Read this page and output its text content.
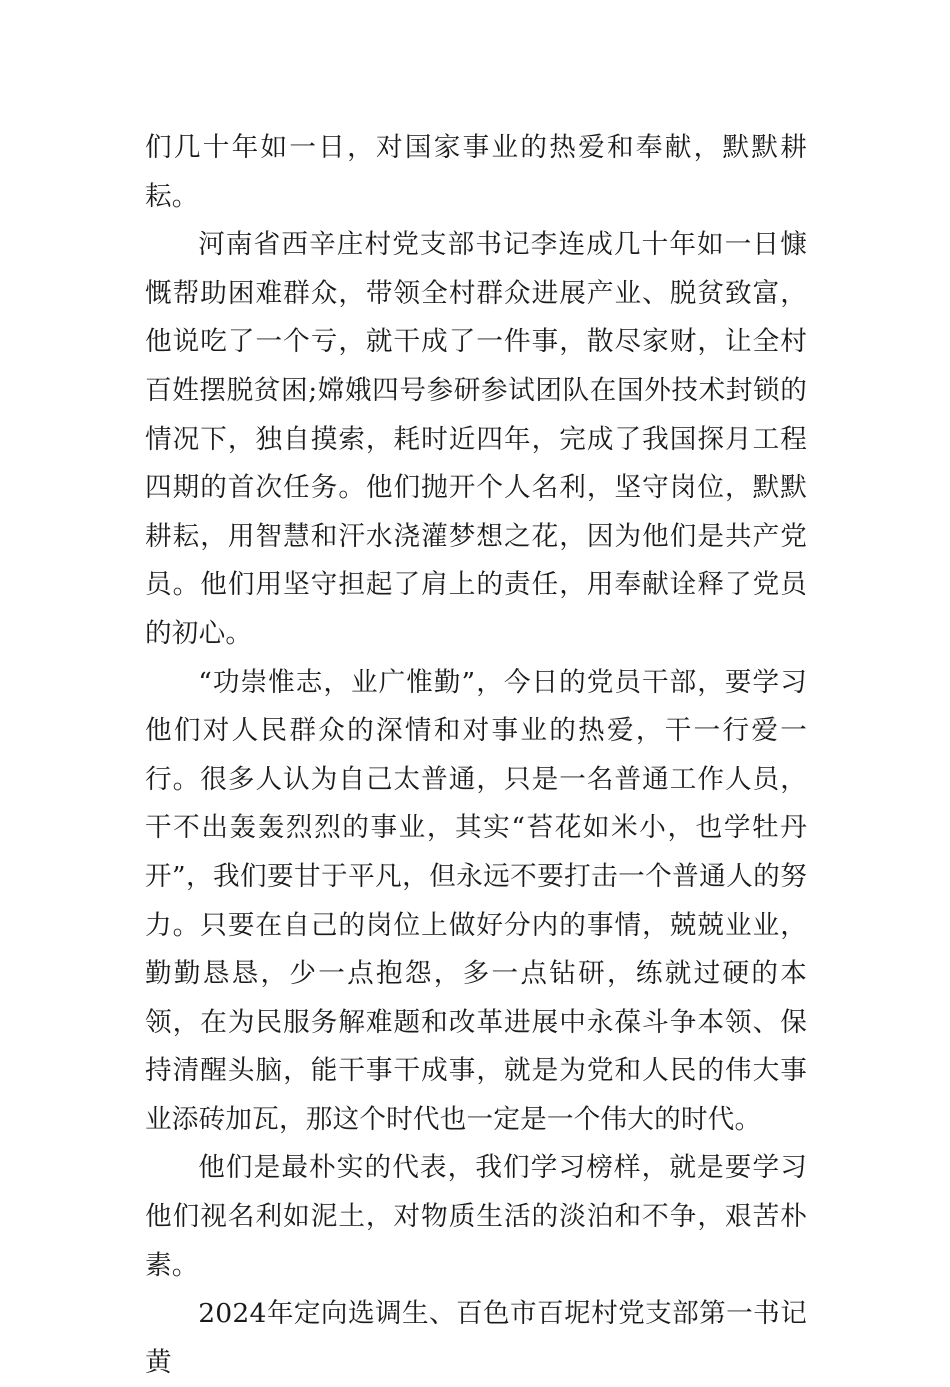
们几十年如一日，对国家事业的热爱和奉献，默默耕耘。

河南省西辛庄村党支部书记李连成几十年如一日慷慨帮助困难群众，带领全村群众进展产业、脱贫致富，他说吃了一个亏，就干成了一件事，散尽家财，让全村百姓摆脱贫困;嫦娥四号参研参试团队在国外技术封锁的情况下，独自摸索，耗时近四年，完成了我国探月工程四期的首次任务。他们抛开个人名利，坚守岗位，默默耕耘，用智慧和汗水浇灌梦想之花，因为他们是共产党员。他们用坚守担起了肩上的责任，用奉献诠释了党员的初心。

“功崇惟志，业广惟勤”，今日的党员干部，要学习他们对人民群众的深情和对事业的热爱，干一行爱一行。很多人认为自己太普通，只是一名普通工作人员，干不出轰轰烈烈的事业，其实“苔花如米小，也学牡丹开”，我们要甘于平凡，但永远不要打击一个普通人的努力。只要在自己的岗位上做好分内的事情，兢兢业业，勤勤恳恳，少一点抱怨，多一点钻研，练就过硬的本领，在为民服务解难题和改革进展中永葆斗争本领、保持清醒头脑，能干事干成事，就是为党和人民的伟大事业添砖加瓦，那这个时代也一定是一个伟大的时代。

他们是最朴实的代表，我们学习榜样，就是要学习他们视名利如泥土，对物质生活的淡泊和不争，艰苦朴素。

2024年定向选调生、百色市百坭村党支部第一书记黄
